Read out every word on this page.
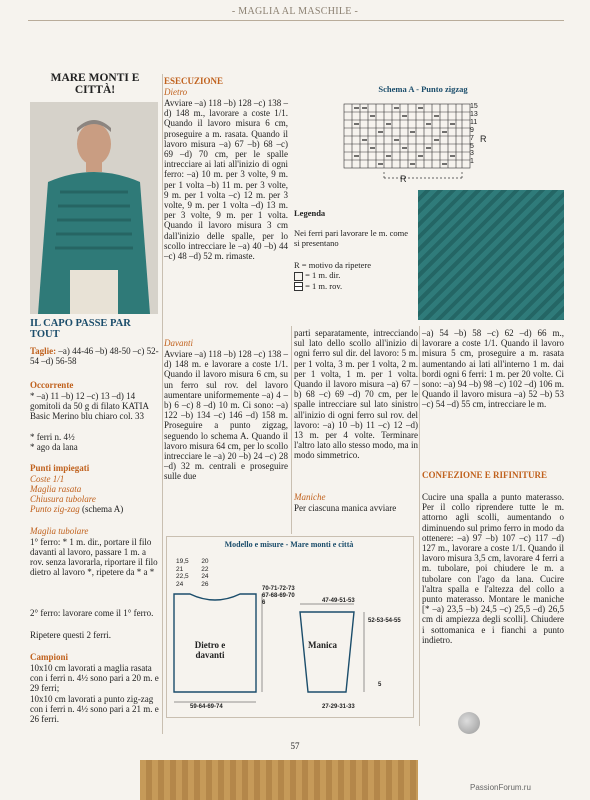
- MAGLIA AL MASCHILE -
MARE MONTI E CITTÀ!
IL CAPO PASSE PAR TOUT
Taglie: –a) 44-46 –b) 48-50 –c) 52-54 –d) 56-58
Occorrente
* –a) 11 –b) 12 –c) 13 –d) 14 gomitoli da 50 g di filato KATIA Basic Merino blu chiaro col. 33
* ferri n. 4½
* ago da lana
Punti impiegati
Coste 1/1
Maglia rasata
Chiusura tubolare
Punto zig-zag (schema A)
Maglia tubolare
1° ferro: * 1 m. dir., portare il filo davanti al lavoro, passare 1 m. a rov. senza lavorarla, riportare il filo dietro al lavoro *, ripetere da * a *
2° ferro: lavorare come il 1° ferro.
Ripetere questi 2 ferri.
Campioni
10x10 cm lavorati a maglia rasata con i ferri n. 4½ sono pari a 20 m. e 29 ferri;
10x10 cm lavorati a punto zig-zag con i ferri n. 4½ sono pari a 21 m. e 26 ferri.
ESECUZIONE
Dietro
Avviare –a) 118 –b) 128 –c) 138 –d) 148 m., lavorare a coste 1/1. Quando il lavoro misura 6 cm, proseguire a m. rasata. Quando il lavoro misura –a) 67 –b) 68 –c) 69 –d) 70 cm, per le spalle intrecciare ai lati all'inizio di ogni ferro: –a) 10 m. per 3 volte, 9 m. per 1 volta –b) 11 m. per 3 volte, 9 m. per 1 volta –c) 12 m. per 3 volte, 9 m. per 1 volta –d) 13 m. per 3 volte, 9 m. per 1 volta. Quando il lavoro misura 3 cm dall'inizio delle spalle, per lo scollo intrecciare le –a) 40 –b) 44 –c) 48 –d) 52 m. rimaste.
Davanti
Avviare –a) 118 –b) 128 –c) 138 –d) 148 m. e lavorare a coste 1/1. Quando il lavoro misura 6 cm, su un ferro sul rov. del lavoro aumentare uniformemente –a) 4 –b) 6 –c) 8 –d) 10 m. Ci sono: –a) 122 –b) 134 –c) 146 –d) 158 m. Proseguire a punto zigzag, seguendo lo schema A. Quando il lavoro misura 64 cm, per lo scollo intrecciare le –a) 20 –b) 24 –c) 28 –d) 32 m. centrali e proseguire sulle due
Schema A - Punto zigzag
15
13
11
9
7
5
3
1
R
R
Legenda
Nei ferri pari lavorare le m. come si presentano
R = motivo da ripetere
= 1 m. dir.
= 1 m. rov.
parti separatamente, intrecciando sul lato dello scollo all'inizio di ogni ferro sul dir. del lavoro: 5 m. per 1 volta, 3 m. per 1 volta, 2 m. per 1 volta, 1 m. per 1 volta. Quando il lavoro misura –a) 67 –b) 68 –c) 69 –d) 70 cm, per le spalle intrecciare sul lato sinistro all'inizio di ogni ferro sul rov. del lavoro: –a) 10 –b) 11 –c) 12 –d) 13 m. per 4 volte. Terminare l'altro lato allo stesso modo, ma in modo simmetrico.
Maniche
Per ciascuna manica avviare
–a) 54 –b) 58 –c) 62 –d) 66 m., lavorare a coste 1/1. Quando il lavoro misura 5 cm, proseguire a m. rasata aumentando ai lati all'interno 1 m. dai bordi ogni 6 ferri: 1 m. per 20 volte. Ci sono: –a) 94 –b) 98 –c) 102 –d) 106 m. Quando il lavoro misura –a) 52 –b) 53 –c) 54 –d) 55 cm, intrecciare le m.
CONFEZIONE E RIFINITURE
Cucire una spalla a punto materasso. Per il collo riprendere tutte le m. attorno agli scolli, aumentando o diminuendo sul primo ferro in modo da ottenere: –a) 97 –b) 107 –c) 117 –d) 127 m., lavorare a coste 1/1. Quando il lavoro misura 3,5 cm, lavorare 4 ferri a m. tubolare, poi chiudere le m. a tubolare con l'ago da lana. Cucire l'altra spalla e l'altezza del collo a punto materasso. Montare le maniche [* –a) 23,5 –b) 24,5 –c) 25,5 –d) 26,5 cm di ampiezza degli scolli]. Chiudere i sottomanica e i fianchi a punto indietro.
Modello e misure - Mare monti e città
19,5 20
21	22
22,5 24
24	26
70-71-72-73
67-68-69-70
6
Dietro e davanti
59-64-69-74
Manica
47-49-51-53
52-53-54-55
27-29-31-33
5
57
PassionForum.ru
